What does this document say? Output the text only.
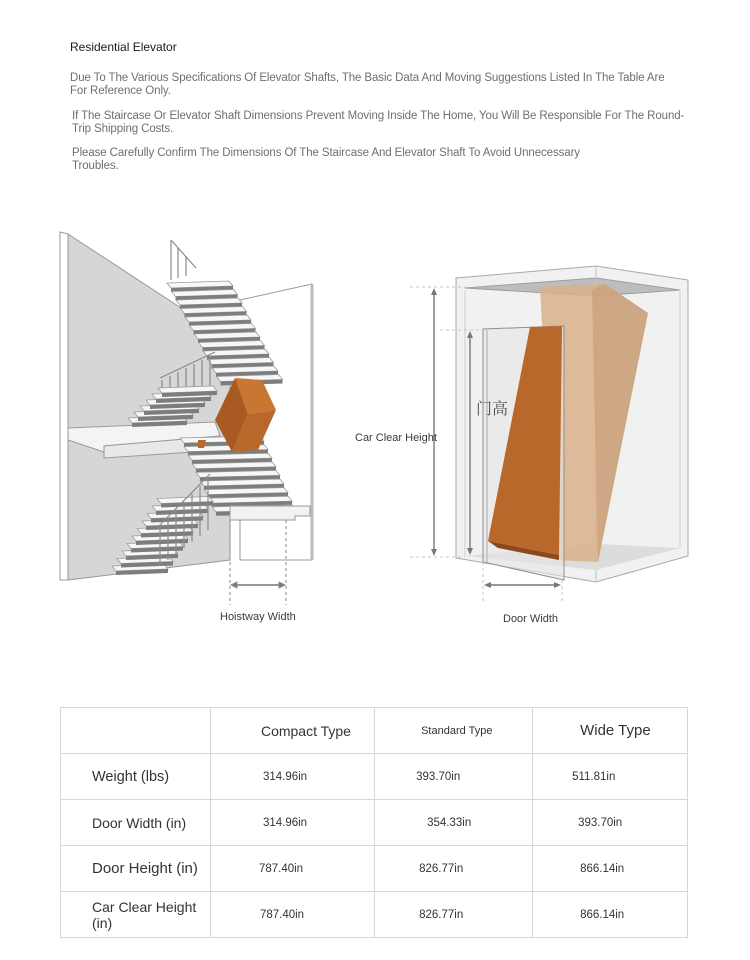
Residential Elevator
Due To The Various Specifications Of Elevator Shafts, The Basic Data And Moving Suggestions Listed In The Table Are For Reference Only.
If The Staircase Or Elevator Shaft Dimensions Prevent Moving Inside The Home, You Will Be Responsible For The Round-Trip Shipping Costs.
Please Carefully Confirm The Dimensions Of The Staircase And Elevator Shaft To Avoid Unnecessary Troubles.
Hoistway Width
Car Clear Height
门高
Door Width
	Compact Type	Standard Type	Wide Type
Weight (lbs)	314.96in	393.70in	511.81in
Door Width (in)	314.96in	354.33in	393.70in
Door Height (in)	787.40in	826.77in	866.14in
Car Clear Height (in)	787.40in	826.77in	866.14in
